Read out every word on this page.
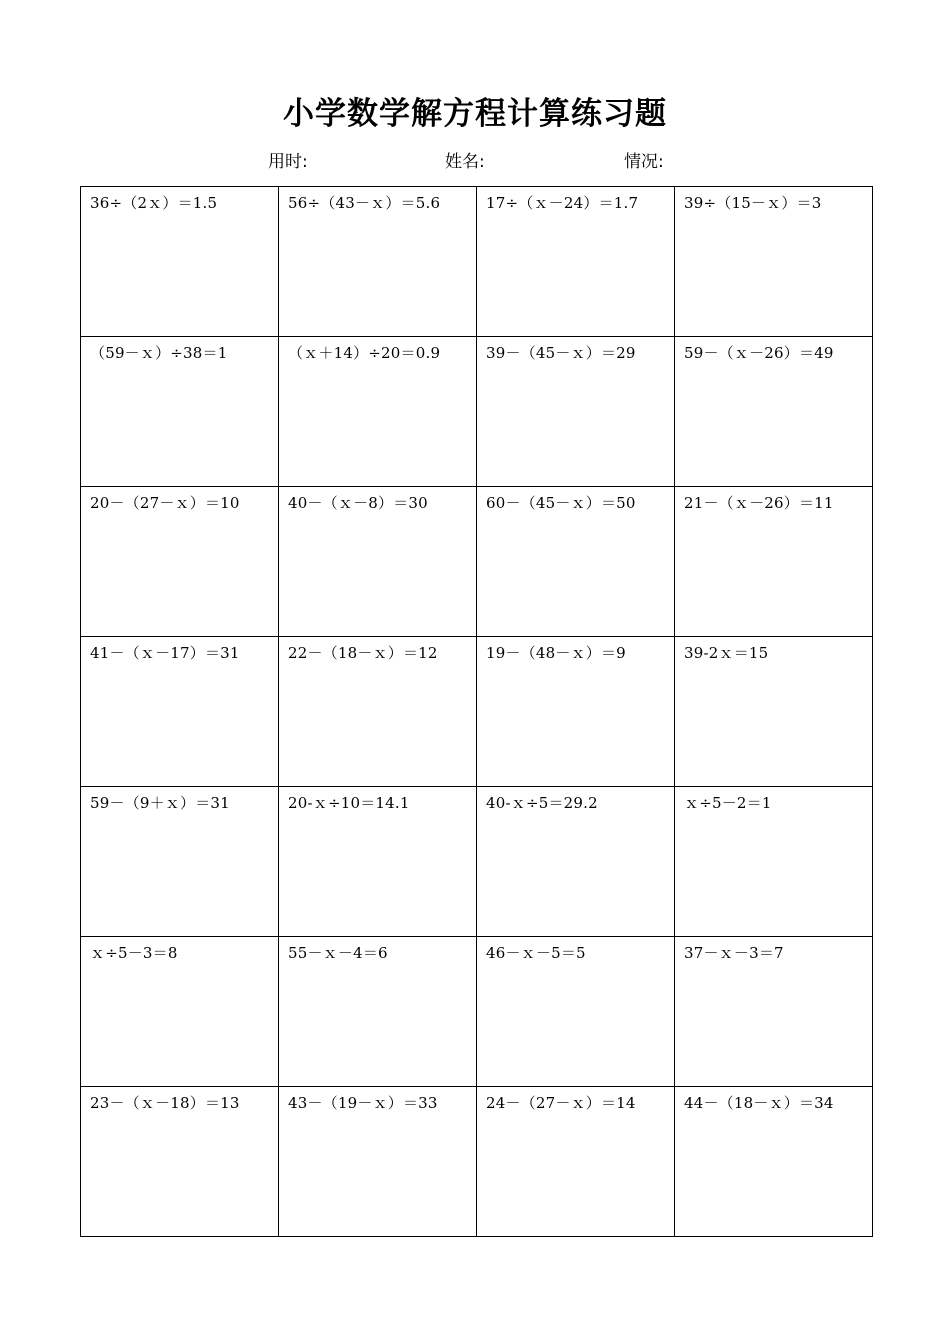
小学数学解方程计算练习题
用时:	姓名:	情况:
36÷（2ｘ）＝1.5	56÷（43－ｘ）＝5.6	17÷（ｘ－24）＝1.7	39÷（15－ｘ）＝3

（59－ｘ）÷38＝1	（ｘ＋14）÷20＝0.9	39－（45－ｘ）＝29	59－（ｘ－26）＝49

20－（27－ｘ）＝10	40－（ｘ－8）＝30	60－（45－ｘ）＝50	21－（ｘ－26）＝11

41－（ｘ－17）＝31	22－（18－ｘ）＝12	19－（48－ｘ）＝9	39-2ｘ＝15

59－（9＋ｘ）＝31	20-ｘ÷10＝14.1	40-ｘ÷5＝29.2	ｘ÷5－2＝1

ｘ÷5－3＝8	55－ｘ－4＝6	46－ｘ－5＝5	37－ｘ－3＝7

23－（ｘ－18）＝13	43－（19－ｘ）＝33	24－（27－ｘ）＝14	44－（18－ｘ）＝34
